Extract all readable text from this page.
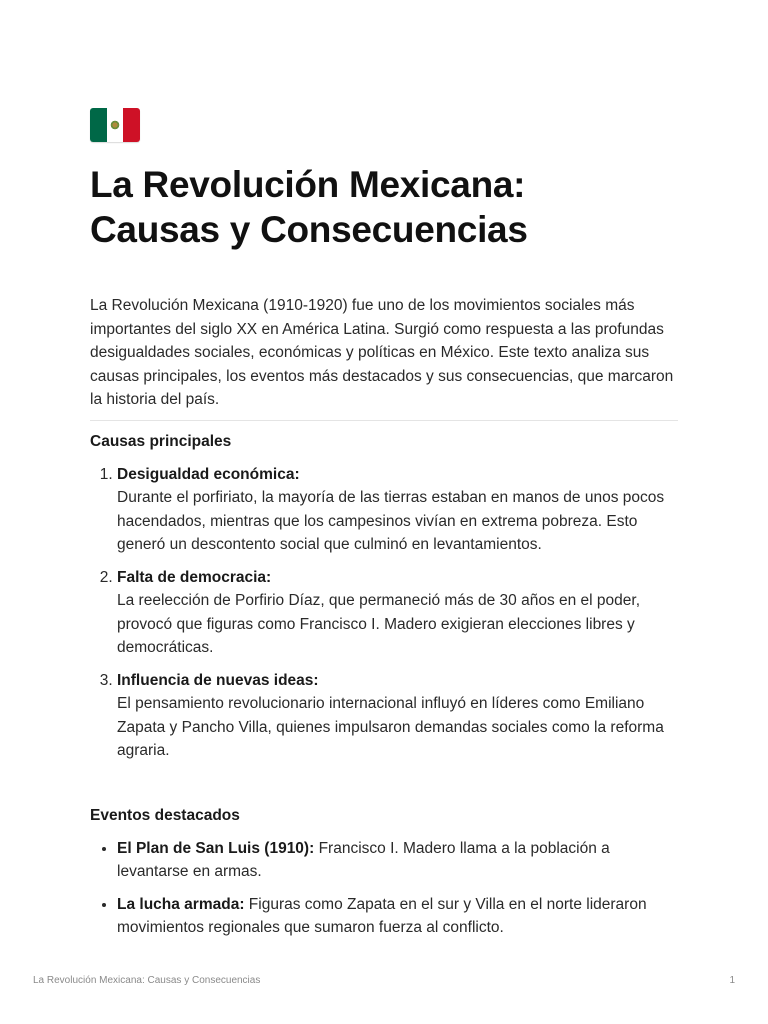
La Revolución Mexicana:
Causas y Consecuencias

La Revolución Mexicana (1910-1920) fue uno de los movimientos sociales más importantes del siglo XX en América Latina. Surgió como respuesta a las profundas desigualdades sociales, económicas y políticas en México. Este texto analiza sus causas principales, los eventos más destacados y sus consecuencias, que marcaron la historia del país.

Causas principales
1. Desigualdad económica:
Durante el porfiriato, la mayoría de las tierras estaban en manos de unos pocos hacendados, mientras que los campesinos vivían en extrema pobreza. Esto generó un descontento social que culminó en levantamientos.
2. Falta de democracia:
La reelección de Porfirio Díaz, que permaneció más de 30 años en el poder, provocó que figuras como Francisco I. Madero exigieran elecciones libres y democráticas.
3. Influencia de nuevas ideas:
El pensamiento revolucionario internacional influyó en líderes como Emiliano Zapata y Pancho Villa, quienes impulsaron demandas sociales como la reforma agraria.
Eventos destacados
• El Plan de San Luis (1910): Francisco I. Madero llama a la población a levantarse en armas.
• La lucha armada: Figuras como Zapata en el sur y Villa en el norte lideraron movimientos regionales que sumaron fuerza al conflicto.
La Revolución Mexicana: Causas y Consecuencias	1
